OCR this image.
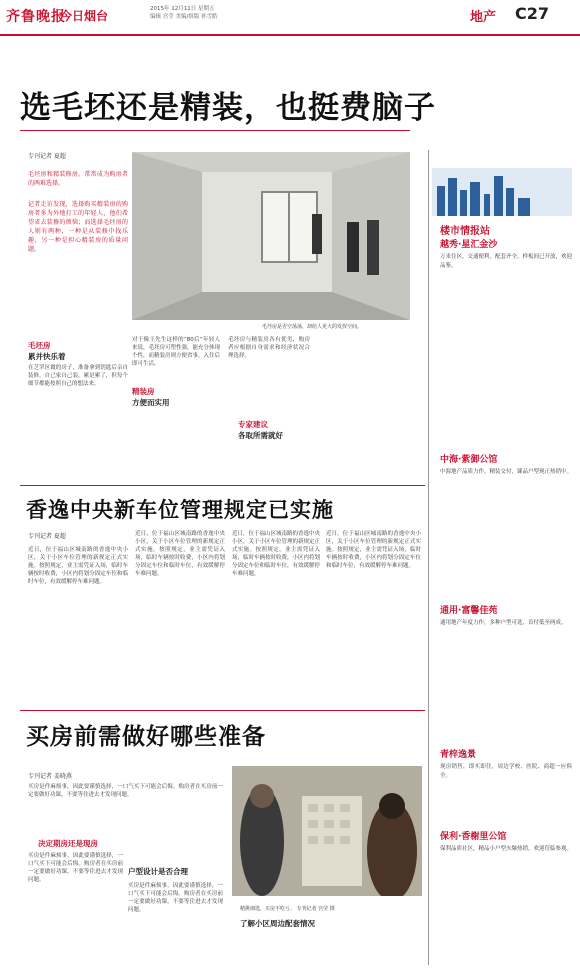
齐鲁晚报
今日烟台	2015年 12月11日 星期五
编辑 宫莹 美编/组版 孙雪皓	地产 C27
选毛坯还是精装，也挺费脑子
专刊记者 夏超
毛坯房和精装修房，常常成为购房者的两难选择。
记者走访发现，选择购买精装房的购房者多为外地打工的年轻人，他们希望省去装修的烦恼；而选择毛坯房的人则有两种，一种是从装修中找乐趣，另一种是担心精装房的质量问题。
毛坯房是否空荡荡，却给人更大的发挥空间。
毛坯房
累并快乐着
在芝罘区做的房子，准备拿到钥匙后亲自装修。自己家自己装，累是累了，但每个细节都能按照自己的想法来。
对于像王先生这样的“80后”年轻人来说，毛坯房可塑性强，能充分体现个性，而精装房则方便省事，入住后即可生活。
精装房
方便而实用
毛坯房与精装房各有优劣，购房者应根据自身需求和经济状况合理选择。
专家建议
各取所需就好
香逸中央新车位管理规定已实施
专刊记者 夏超
近日，位于福山区城南路的香逸中央小区，关于小区车位管理的新规定正式实施。按照规定，业主需凭证入场，临时车辆按时收费，小区内将划分固定车位和临时车位，有效缓解停车难问题。
近日，位于福山区城南路的香逸中央小区，关于小区车位管理的新规定正式实施。按照规定，业主需凭证入场，临时车辆按时收费，小区内将划分固定车位和临时车位，有效缓解停车难问题。
近日，位于福山区城南路的香逸中央小区，关于小区车位管理的新规定正式实施。按照规定，业主需凭证入场，临时车辆按时收费，小区内将划分固定车位和临时车位，有效缓解停车难问题。
近日，位于福山区城南路的香逸中央小区，关于小区车位管理的新规定正式实施。按照规定，业主需凭证入场，临时车辆按时收费，小区内将划分固定车位和临时车位，有效缓解停车难问题。
买房前需做好哪些准备
专刊记者 姜晓燕
买房是件麻烦事，因此要谨慎选择，一口气买下可能会后悔。购房者在买房前一定要做好功课，不要等住进去才发现问题。
决定期房还是现房
买房是件麻烦事，因此要谨慎选择，一口气买下可能会后悔。购房者在买房前一定要做好功课，不要等住进去才发现问题。
户型设计是否合理
买房是件麻烦事，因此要谨慎选择，一口气买下可能会后悔。购房者在买房前一定要做好功课，不要等住进去才发现问题。	精挑细选，买房不吃亏。 专刊记者 宫莹 摄
了解小区周边配套情况
楼市情报站
越秀·星汇金沙
万米住区，交通便利，配套齐全。样板间已开放，欢迎品鉴。
中海·紫御公馆
中海地产品质力作，精装交付，臻品户型现正热销中。
通用·富馨佳苑
通用地产年度力作，多种户型可选，首付低至两成。
青梓逸景
现房销售，即买即住，周边学校、医院、商超一应俱全。
保利·香榭里公馆
保利品质社区，精品小户型火爆热销，欢迎莅临参观。
